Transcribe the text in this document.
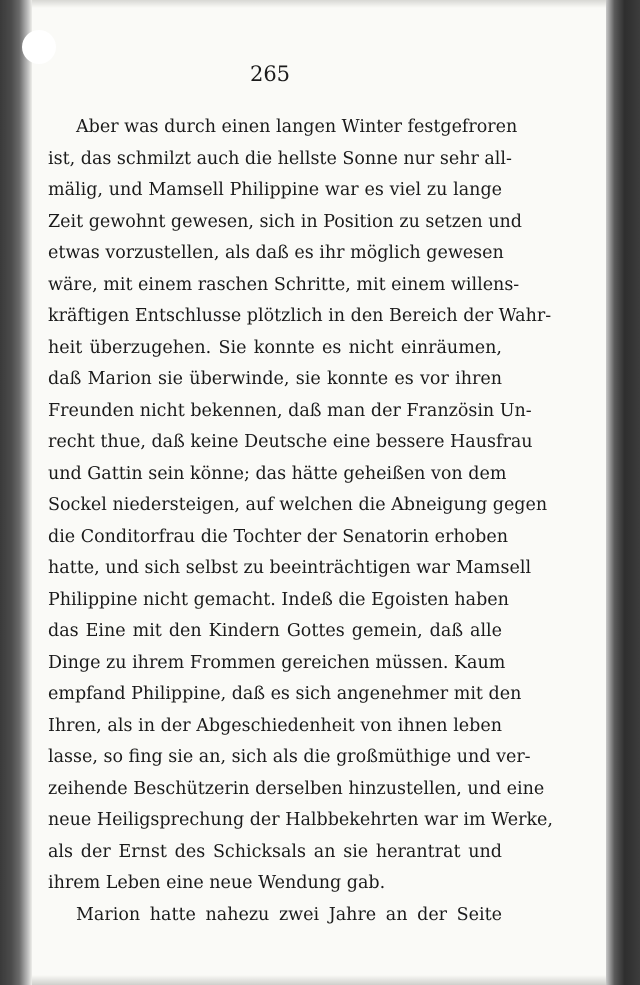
265
Aber was durch einen langen Winter festgefroren
ist, das schmilzt auch die hellste Sonne nur sehr all-
mälig, und Mamsell Philippine war es viel zu lange
Zeit gewohnt gewesen, sich in Position zu setzen und
etwas vorzustellen, als daß es ihr möglich gewesen
wäre, mit einem raschen Schritte, mit einem willens-
kräftigen Entschlusse plötzlich in den Bereich der Wahr-
heit überzugehen. Sie konnte es nicht einräumen,
daß Marion sie überwinde, sie konnte es vor ihren
Freunden nicht bekennen, daß man der Französin Un-
recht thue, daß keine Deutsche eine bessere Hausfrau
und Gattin sein könne; das hätte geheißen von dem
Sockel niedersteigen, auf welchen die Abneigung gegen
die Conditorfrau die Tochter der Senatorin erhoben
hatte, und sich selbst zu beeinträchtigen war Mamsell
Philippine nicht gemacht. Indeß die Egoisten haben
das Eine mit den Kindern Gottes gemein, daß alle
Dinge zu ihrem Frommen gereichen müssen. Kaum
empfand Philippine, daß es sich angenehmer mit den
Ihren, als in der Abgeschiedenheit von ihnen leben
lasse, so fing sie an, sich als die großmüthige und ver-
zeihende Beschützerin derselben hinzustellen, und eine
neue Heiligsprechung der Halbbekehrten war im Werke,
als der Ernst des Schicksals an sie herantrat und
ihrem Leben eine neue Wendung gab.
Marion hatte nahezu zwei Jahre an der Seite
